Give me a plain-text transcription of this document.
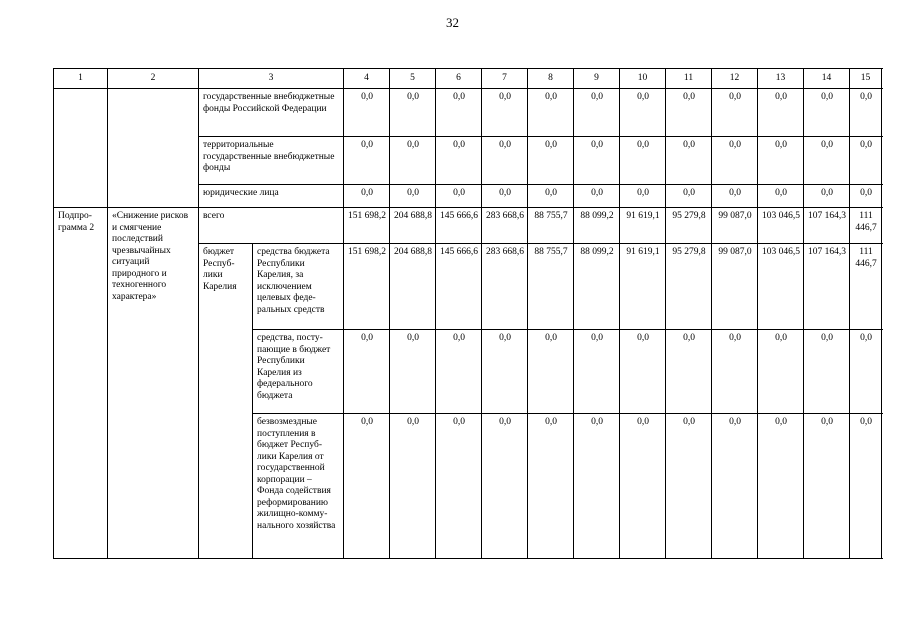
32
1	2	3		4	5	6	7	8	9	10	11	12	13	14	15
		государственные внебюджетные фонды Российской Федерации		0,0	0,0	0,0	0,0	0,0	0,0	0,0	0,0	0,0	0,0	0,0	0,0
		территориальные государственные внебюджетные фонды		0,0	0,0	0,0	0,0	0,0	0,0	0,0	0,0	0,0	0,0	0,0	0,0
		юридические лица		0,0	0,0	0,0	0,0	0,0	0,0	0,0	0,0	0,0	0,0	0,0	0,0
Подпро-грамма 2	«Снижение рисков и смягчение последствий чрезвычайных ситуаций природного и техногенного характера»	всего		151 698,2	204 688,8	145 666,6	283 668,6	88 755,7	88 099,2	91 619,1	95 279,8	99 087,0	103 046,5	107 164,3	111 446,7
		бюджет Респуб-лики Карелия	средства бюджета Республики Карелия, за исключением целевых феде-ральных средств	151 698,2	204 688,8	145 666,6	283 668,6	88 755,7	88 099,2	91 619,1	95 279,8	99 087,0	103 046,5	107 164,3	111 446,7
			средства, посту-пающие в бюджет Республики Карелия из федерального бюджета	0,0	0,0	0,0	0,0	0,0	0,0	0,0	0,0	0,0	0,0	0,0	0,0
			безвозмездные поступления в бюджет Респуб-лики Карелия от государственной корпорации – Фонда содействия реформированию жилищно-комму-нального хозяйства	0,0	0,0	0,0	0,0	0,0	0,0	0,0	0,0	0,0	0,0	0,0	0,0
